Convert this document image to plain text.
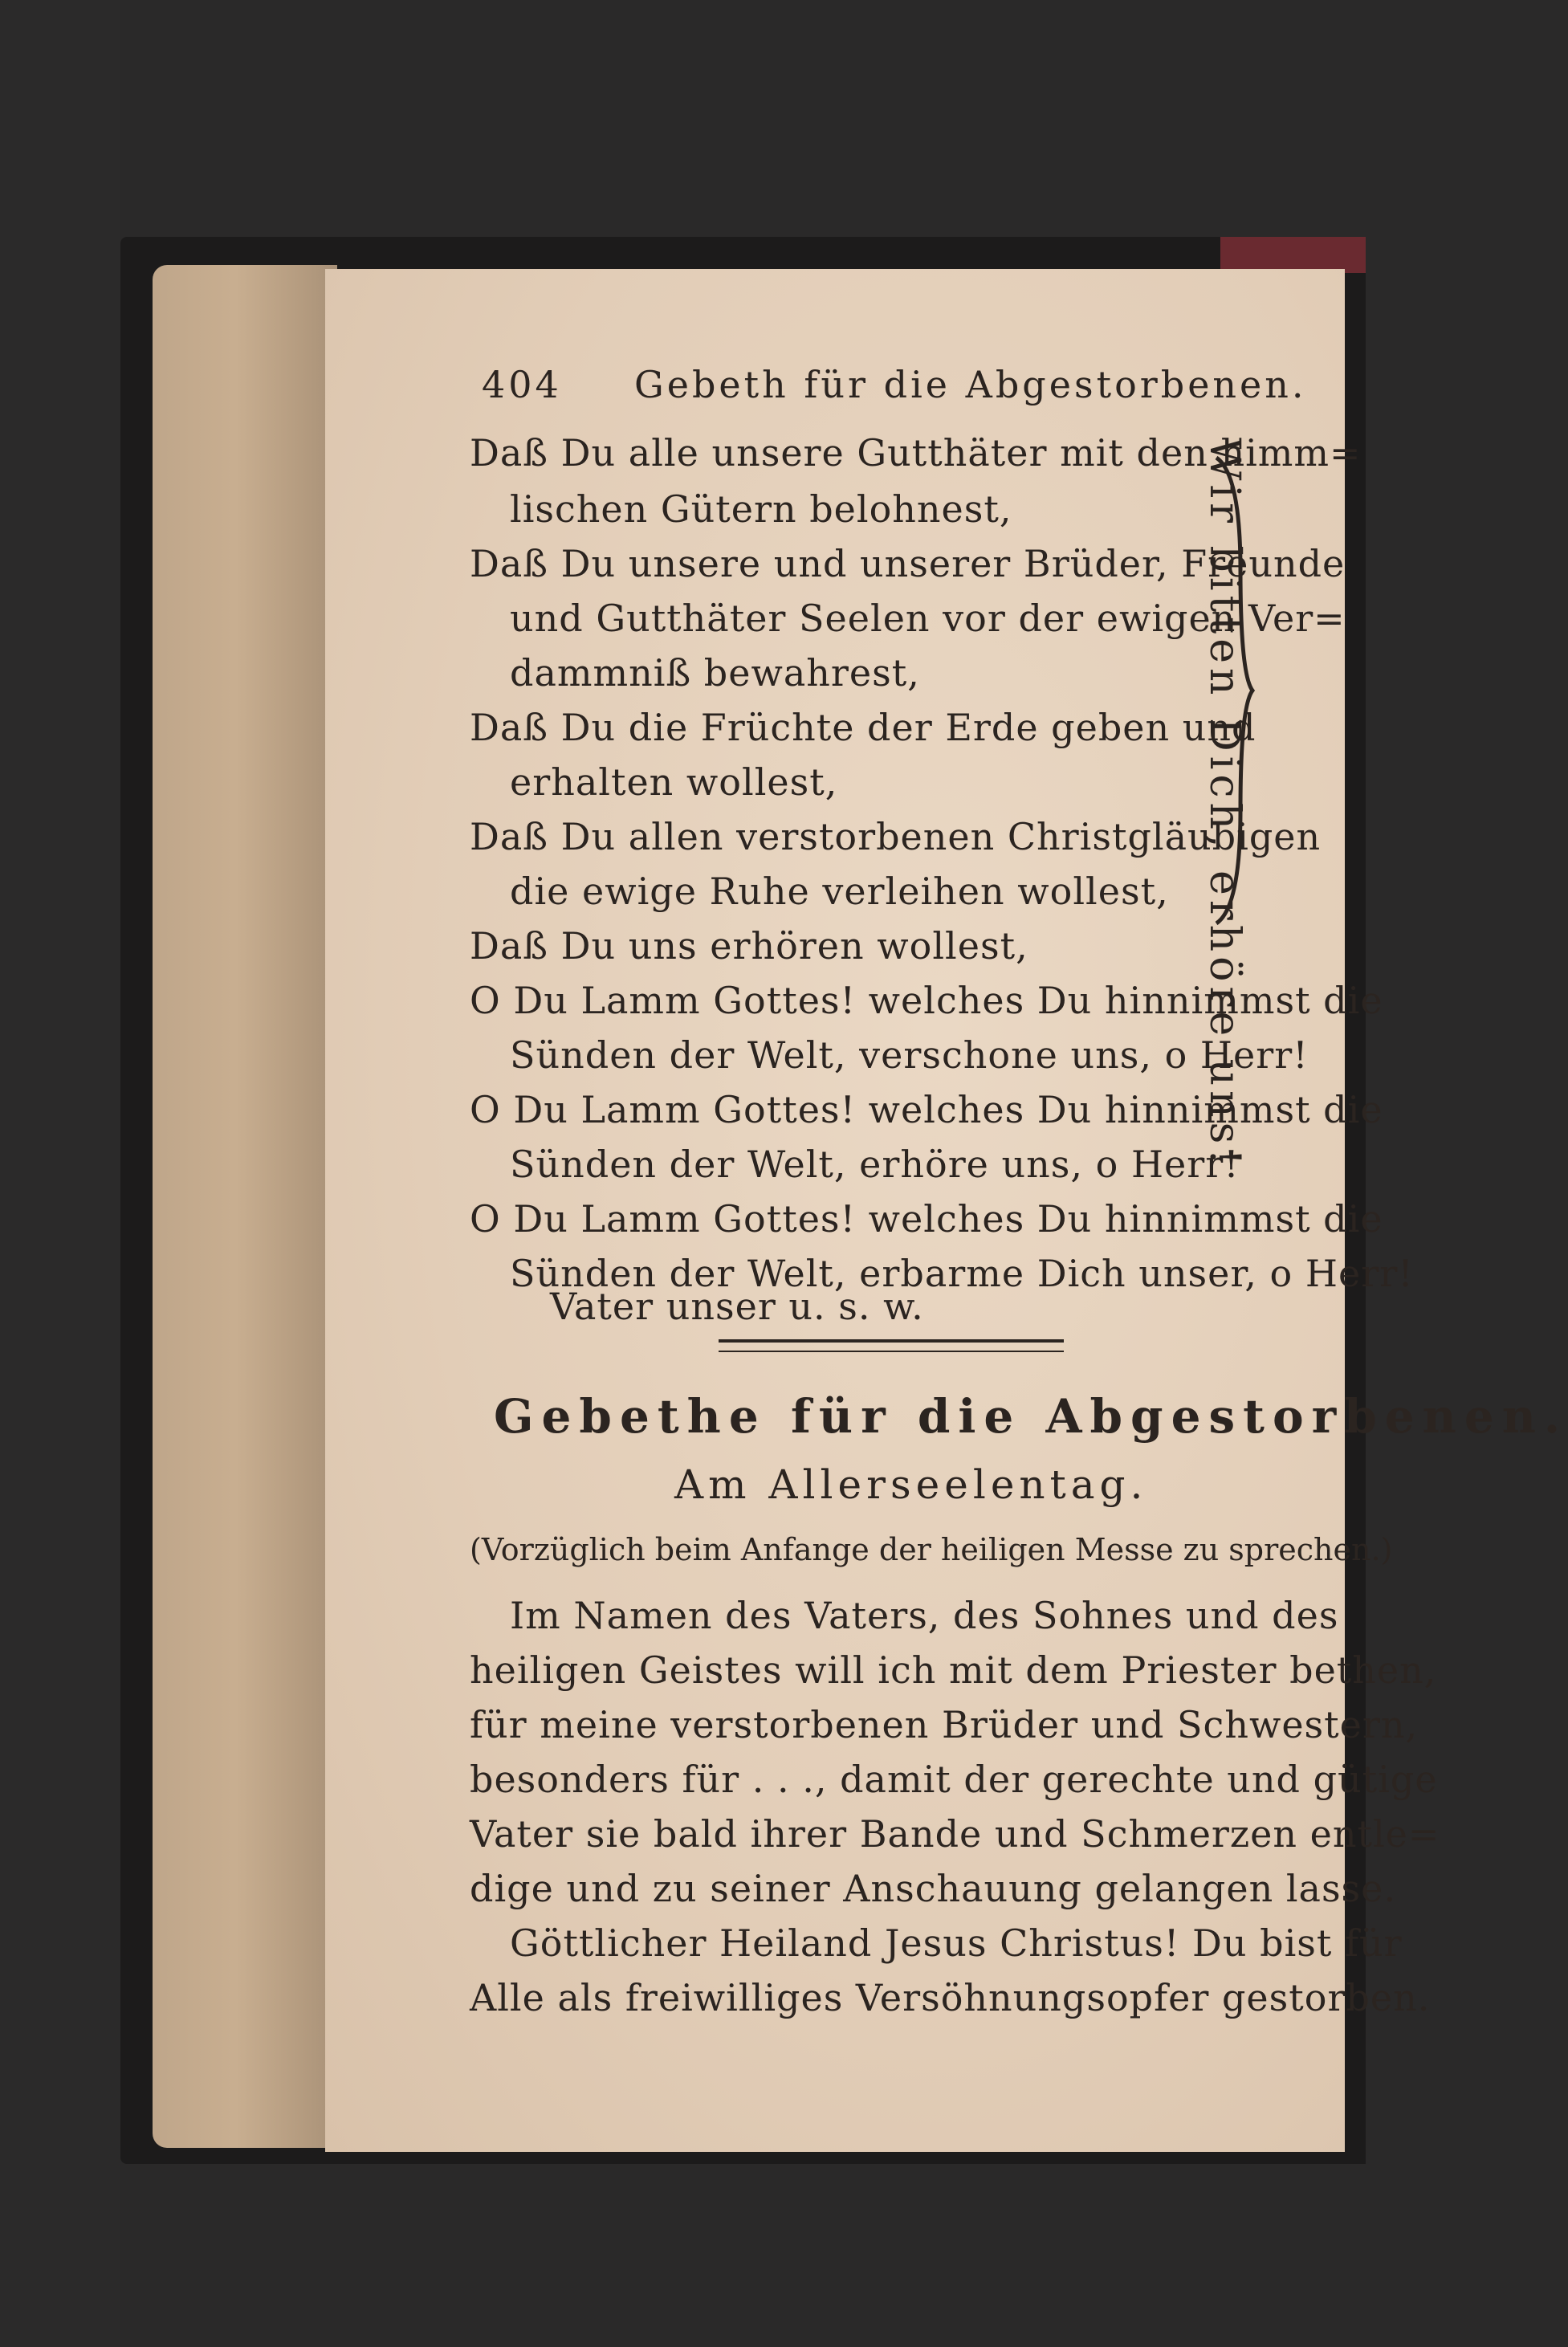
404 Gebeth für die Abgestorbenen.
Daß Du alle unsere Gutthäter mit den himm=
lischen Gütern belohnest,
Daß Du unsere und unserer Brüder, Freunde
und Gutthäter Seelen vor der ewigen Ver=
dammniß bewahrest,
Daß Du die Früchte der Erde geben und
erhalten wollest,
Daß Du allen verstorbenen Christgläubigen
die ewige Ruhe verleihen wollest,
Daß Du uns erhören wollest,
O Du Lamm Gottes! welches Du hinnimmst die
Sünden der Welt, verschone uns, o Herr!
O Du Lamm Gottes! welches Du hinnimmst die
Sünden der Welt, erhöre uns, o Herr!
O Du Lamm Gottes! welches Du hinnimmst die
Sünden der Welt, erbarme Dich unser, o Herr!
Vater unser u. s. w.
Wir bitten Dich, erhöre uns!
Gebethe für die Abgestorbenen.
Am Allerseelentag.
(Vorzüglich beim Anfange der heiligen Messe zu sprechen.)
Im Namen des Vaters, des Sohnes und des
heiligen Geistes will ich mit dem Priester bethen,
für meine verstorbenen Brüder und Schwestern,
besonders für . . ., damit der gerechte und gütige
Vater sie bald ihrer Bande und Schmerzen entle=
dige und zu seiner Anschauung gelangen lasse.
Göttlicher Heiland Jesus Christus! Du bist für
Alle als freiwilliges Versöhnungsopfer gestorben.
